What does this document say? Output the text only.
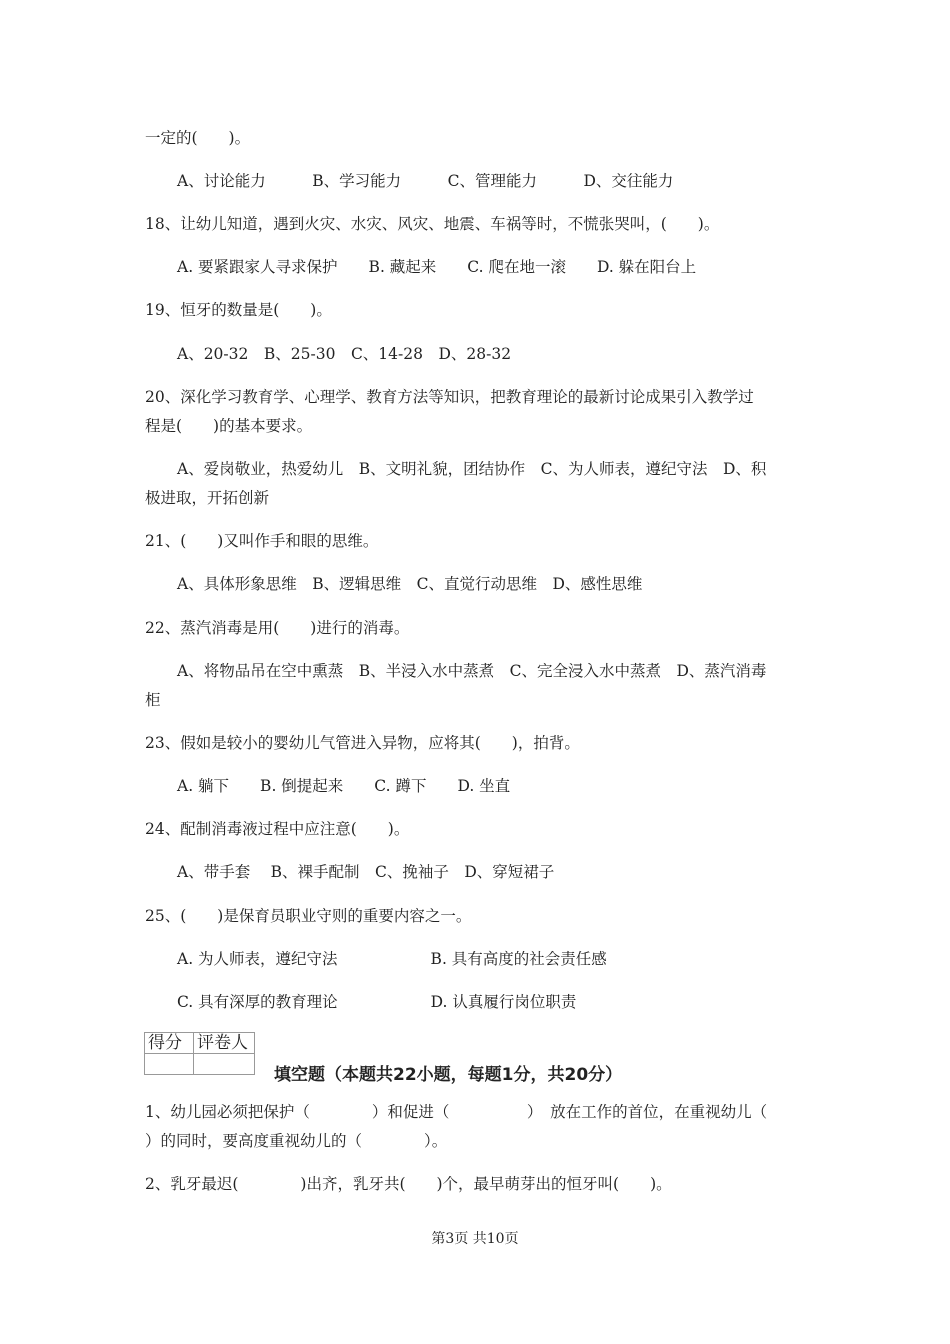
一定的(　　)。
A、讨论能力　　　B、学习能力　　　C、管理能力　　　D、交往能力
18、让幼儿知道，遇到火灾、水灾、风灾、地震、车祸等时，不慌张哭叫，(　　)。
A. 要紧跟家人寻求保护　　B. 藏起来　　C. 爬在地一滚　　D. 躲在阳台上
19、恒牙的数量是(　　)。
A、20-32　B、25-30　C、14-28　D、28-32
20、深化学习教育学、心理学、教育方法等知识，把教育理论的最新讨论成果引入教学过
程是(　　)的基本要求。
A、爱岗敬业，热爱幼儿　B、文明礼貌，团结协作　C、为人师表，遵纪守法　D、积
极进取，开拓创新
21、(　　)又叫作手和眼的思维。
A、具体形象思维　B、逻辑思维　C、直觉行动思维　D、感性思维
22、蒸汽消毒是用(　　)进行的消毒。
A、将物品吊在空中熏蒸　B、半浸入水中蒸煮　C、完全浸入水中蒸煮　D、蒸汽消毒
柜
23、假如是较小的婴幼儿气管进入异物，应将其(　　)，拍背。
A. 躺下　　B. 倒提起来　　C. 蹲下　　D. 坐直
24、配制消毒液过程中应注意(　　)。
A、带手套　 B、裸手配制　C、挽袖子　D、穿短裙子
25、(　　)是保育员职业守则的重要内容之一。
A. 为人师表，遵纪守法　　　　　　B. 具有高度的社会责任感
C. 具有深厚的教育理论　　　　　　D. 认真履行岗位职责
1、幼儿园必须把保护（　　　　）和促进（　　　　　）　放在工作的首位，在重视幼儿（
）的同时，要高度重视幼儿的（　　　　）。
2、乳牙最迟(　　　　)出齐，乳牙共(　　)个，最早萌芽出的恒牙叫(　　)。
得分	评卷人

填空题（本题共22小题，每题1分，共20分）
第3页 共10页
